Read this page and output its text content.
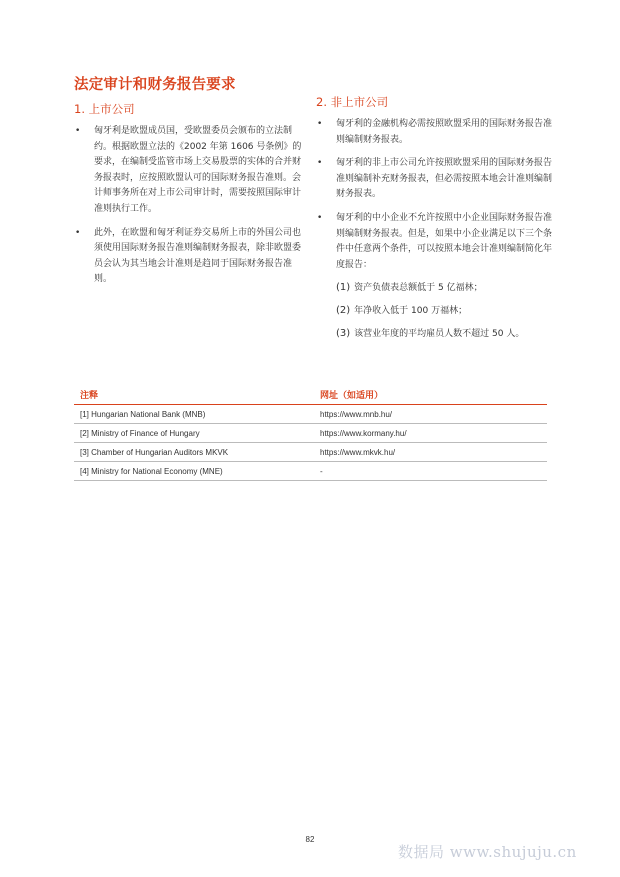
法定审计和财务报告要求
1. 上市公司
• 匈牙利是欧盟成员国，受欧盟委员会颁布的立法制约。根据欧盟立法的《2002 年第 1606 号条例》的要求，在编制受监管市场上交易股票的实体的合并财务报表时，应按照欧盟认可的国际财务报告准则。会计师事务所在对上市公司审计时，需要按照国际审计准则执行工作。
• 此外，在欧盟和匈牙利证券交易所上市的外国公司也须使用国际财务报告准则编制财务报表，除非欧盟委员会认为其当地会计准则是趋同于国际财务报告准则。
2. 非上市公司
• 匈牙利的金融机构必需按照欧盟采用的国际财务报告准则编制财务报表。
• 匈牙利的非上市公司允许按照欧盟采用的国际财务报告准则编制补充财务报表，但必需按照本地会计准则编制财务报表。
• 匈牙利的中小企业不允许按照中小企业国际财务报告准则编制财务报表。但是，如果中小企业满足以下三个条件中任意两个条件，可以按照本地会计准则编制简化年度报告：
(1) 资产负债表总额低于 5 亿福林；
(2) 年净收入低于 100 万福林；
(3) 该营业年度的平均雇员人数不超过 50 人。
注释	网址（如适用）
[1] Hungarian National Bank (MNB)	https://www.mnb.hu/
[2] Ministry of Finance of Hungary	https://www.kormany.hu/
[3] Chamber of Hungarian Auditors MKVK	https://www.mkvk.hu/
[4] Ministry for National Economy (MNE)	-
82
数据局 www.shujuju.cn
